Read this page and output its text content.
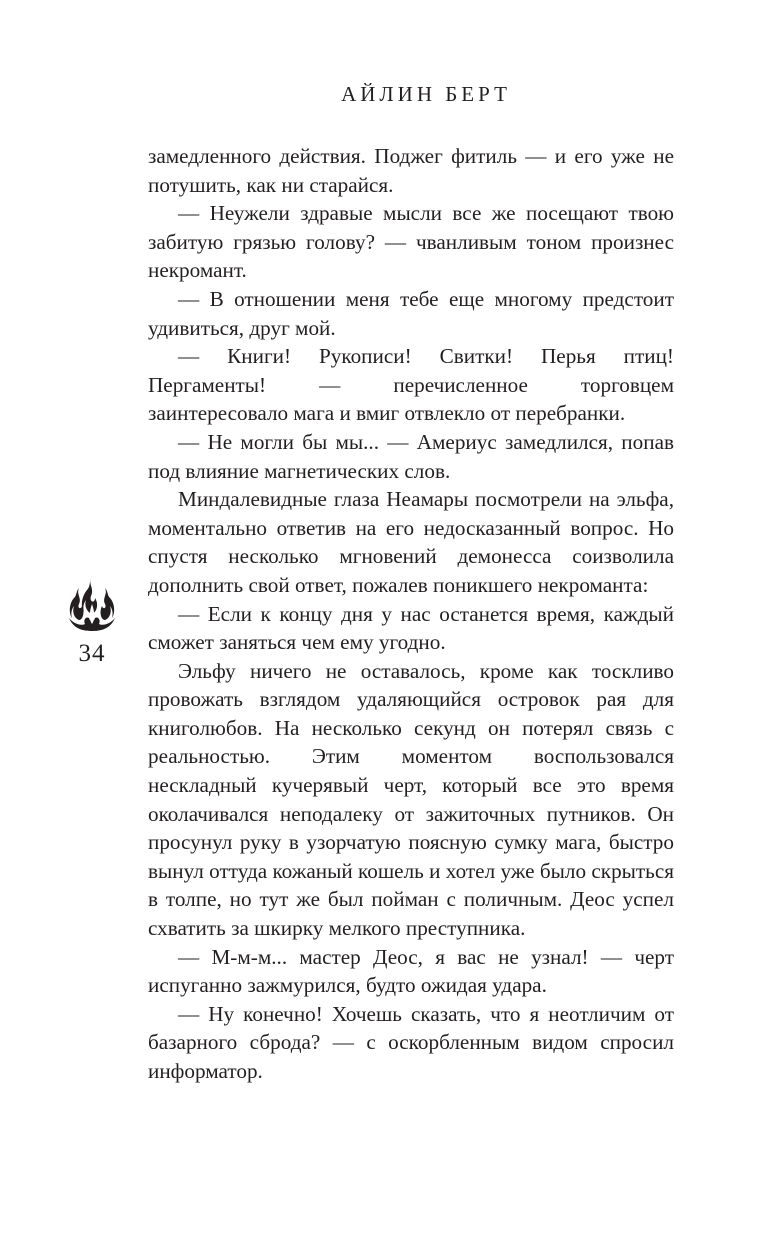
АЙЛИН БЕРТ
34

замедленного действия. Поджег фитиль — и его уже не потушить, как ни старайся.

— Неужели здравые мысли все же посещают твою забитую грязью голову? — чванливым тоном произнес некромант.

— В отношении меня тебе еще многому предстоит удивиться, друг мой.

— Книги! Рукописи! Свитки! Перья птиц! Пергаменты! — перечисленное торговцем заинтересовало мага и вмиг отвлекло от перебранки.

— Не могли бы мы... — Америус замедлился, попав под влияние магнетических слов.

Миндалевидные глаза Неамары посмотрели на эльфа, моментально ответив на его недосказанный вопрос. Но спустя несколько мгновений демонесса соизволила дополнить свой ответ, пожалев поникшего некроманта:

— Если к концу дня у нас останется время, каждый сможет заняться чем ему угодно.

Эльфу ничего не оставалось, кроме как тоскливо провожать взглядом удаляющийся островок рая для книголюбов. На несколько секунд он потерял связь с реальностью. Этим моментом воспользовался нескладный кучерявый черт, который все это время околачивался неподалеку от зажиточных путников. Он просунул руку в узорчатую поясную сумку мага, быстро вынул оттуда кожаный кошель и хотел уже было скрыться в толпе, но тут же был пойман с поличным. Деос успел схватить за шкирку мелкого преступника.

— М-м-м... мастер Деос, я вас не узнал! — черт испуганно зажмурился, будто ожидая удара.

— Ну конечно! Хочешь сказать, что я неотличим от базарного сброда? — с оскорбленным видом спросил информатор.
